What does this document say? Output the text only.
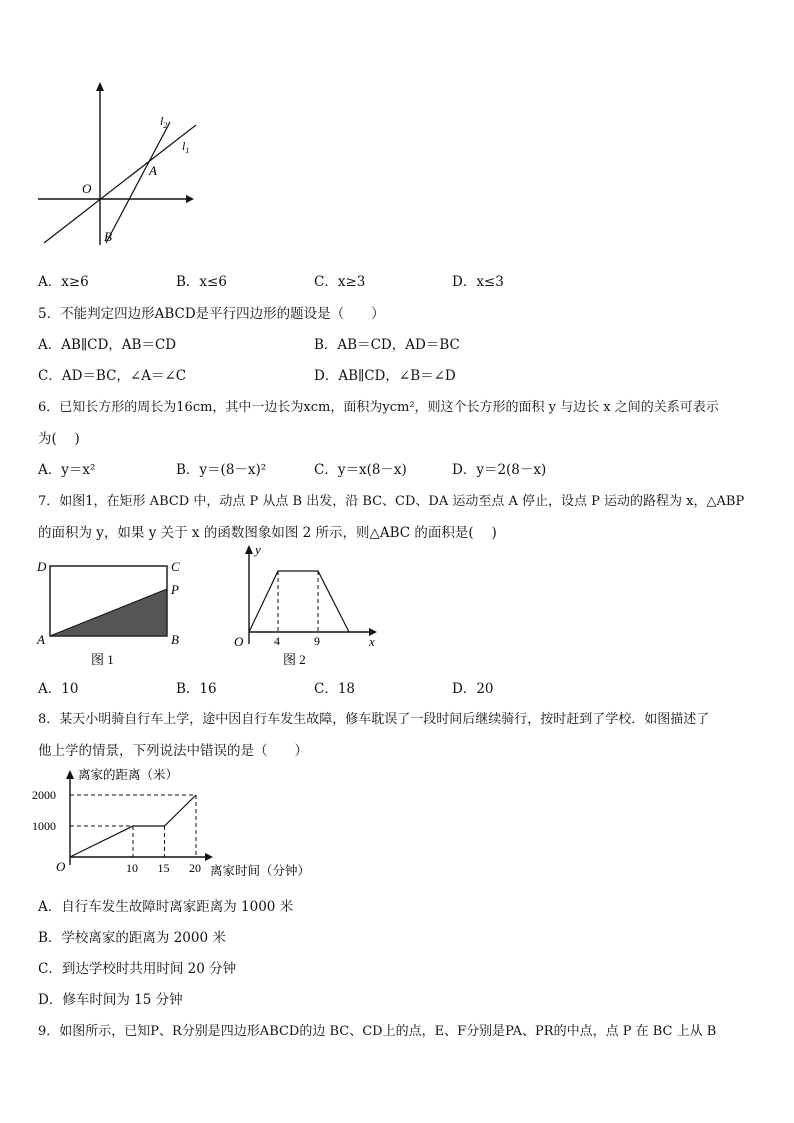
$l_2$
$l_1$
O
A
B
A．x≥6	B．x≤6	C．x≥3	D．x≤3
5．不能判定四边形ABCD是平行四边形的题设是（　　）
A．AB∥CD，AB＝CD	B．AB＝CD，AD＝BC
C．AD＝BC，∠A＝∠C	D．AB∥CD，∠B＝∠D
6．已知长方形的周长为16cm，其中一边长为xcm，面积为ycm²，则这个长方形的面积 y 与边长 x 之间的关系可表示
为(　 )
A．y＝x²	B．y＝(8－x)²	C．y＝x(8－x)	D．y＝2(8－x)
7．如图1，在矩形 ABCD 中，动点 P 从点 B 出发，沿 BC、CD、DA 运动至点 A 停止，设点 P 运动的路程为 x，△ABP
的面积为 y，如果 y 关于 x 的函数图象如图 2 所示，则△ABC 的面积是(　 )
D	C
P
A	B
图 1
y
O	x
4	9
图 2
A．10	B．16	C．18	D．20
8．某天小明骑自行车上学，途中因自行车发生故障，修车耽误了一段时间后继续骑行，按时赶到了学校．如图描述了
他上学的情景，下列说法中错误的是（　　）
离家的距离（米）
离家时间（分钟）
O	10 15 20
1000
2000
A．自行车发生故障时离家距离为 1000 米
B．学校离家的距离为 2000 米
C．到达学校时共用时间 20 分钟
D．修车时间为 15 分钟
9．如图所示，已知P、R分别是四边形ABCD的边 BC、CD上的点，E、F分别是PA、PR的中点，点 P 在 BC 上从 B
